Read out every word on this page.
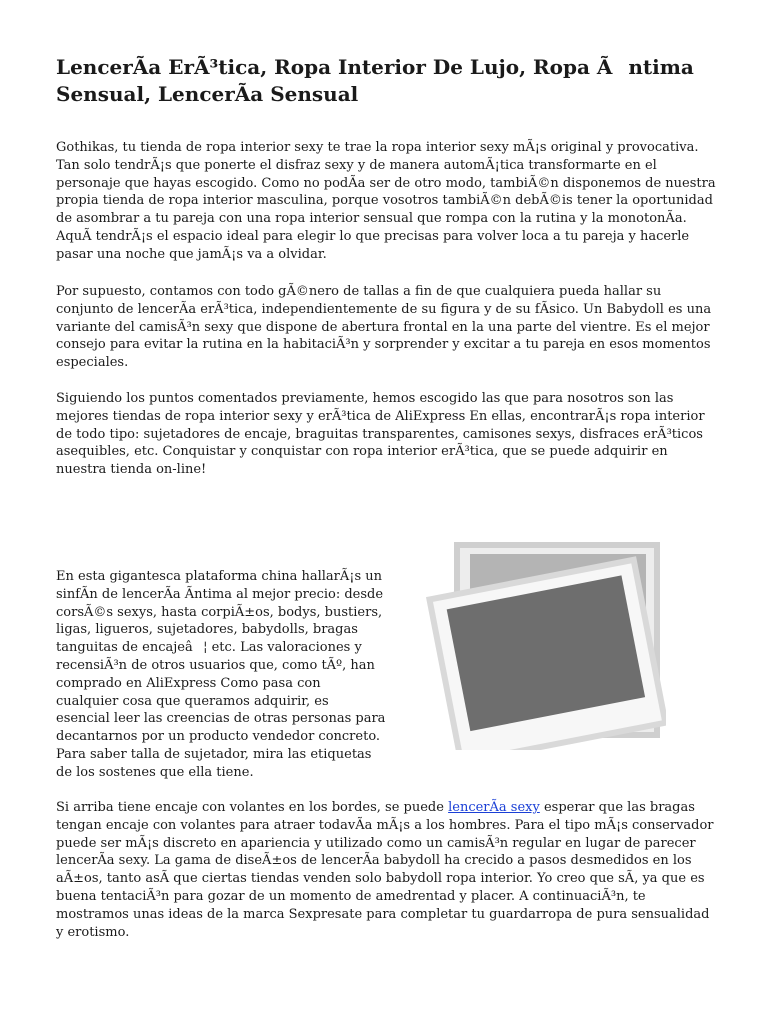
LencerÃa ErÃ³tica, Ropa Interior De Lujo, Ropa Ãntima Sensual, LencerÃa Sensual

Gothikas, tu tienda de ropa interior sexy te trae la ropa interior sexy mÃ¡s original y provocativa. Tan solo tendrÃ¡s que ponerte el disfraz sexy y de manera automÃ¡tica transformarte en el personaje que hayas escogido. Como no podÃa ser de otro modo, tambiÃ©n disponemos de nuestra propia tienda de ropa interior masculina, porque vosotros tambiÃ©n debÃ©is tener la oportunidad de asombrar a tu pareja con una ropa interior sensual que rompa con la rutina y la monotonÃa. AquÃ tendrÃ¡s el espacio ideal para elegir lo que precisas para volver loca a tu pareja y hacerle pasar una noche que jamÃ¡s va a olvidar.

Por supuesto, contamos con todo gÃ©nero de tallas a fin de que cualquiera pueda hallar su conjunto de lencerÃa erÃ³tica, independientemente de su figura y de su fÃsico. Un Babydoll es una variante del camisÃ³n sexy que dispone de abertura frontal en la una parte del vientre. Es el mejor consejo para evitar la rutina en la habitaciÃ³n y sorprender y excitar a tu pareja en esos momentos especiales.

Siguiendo los puntos comentados previamente, hemos escogido las que para nosotros son las mejores tiendas de ropa interior sexy y erÃ³tica de AliExpress En ellas, encontrarÃ¡s ropa interior de todo tipo: sujetadores de encaje, braguitas transparentes, camisones sexys, disfraces erÃ³ticos asequibles, etc. Conquistar y conquistar con ropa interior erÃ³tica, que se puede adquirir en nuestra tienda on-line!

En esta gigantesca plataforma china hallarÃ¡s un sinfÃn de lencerÃa Ãntima al mejor precio: desde corsÃ©s sexys, hasta corpiÃ±os, bodys, bustiers, ligas, ligueros, sujetadores, babydolls, bragas tanguitas de encajeâ¦ etc. Las valoraciones y recensiÃ³n de otros usuarios que, como tÃº, han comprado en AliExpress Como pasa con cualquier cosa que queramos adquirir, es esencial leer las creencias de otras personas para decantarnos por un producto vendedor concreto. Para saber talla de sujetador, mira las etiquetas de los sostenes que ella tiene.

Si arriba tiene encaje con volantes en los bordes, se puede lencerÃa sexy esperar que las bragas tengan encaje con volantes para atraer todavÃa mÃ¡s a los hombres. Para el tipo mÃ¡s conservador puede ser mÃ¡s discreto en apariencia y utilizado como un camisÃ³n regular en lugar de parecer lencerÃa sexy. La gama de diseÃ±os de lencerÃa babydoll ha crecido a pasos desmedidos en los aÃ±os, tanto asÃ que ciertas tiendas venden solo babydoll ropa interior. Yo creo que sÃ, ya que es buena tentaciÃ³n para gozar de un momento de amedrentad y placer. A continuaciÃ³n, te mostramos unas ideas de la marca Sexpresate para completar tu guardarropa de pura sensualidad y erotismo.
